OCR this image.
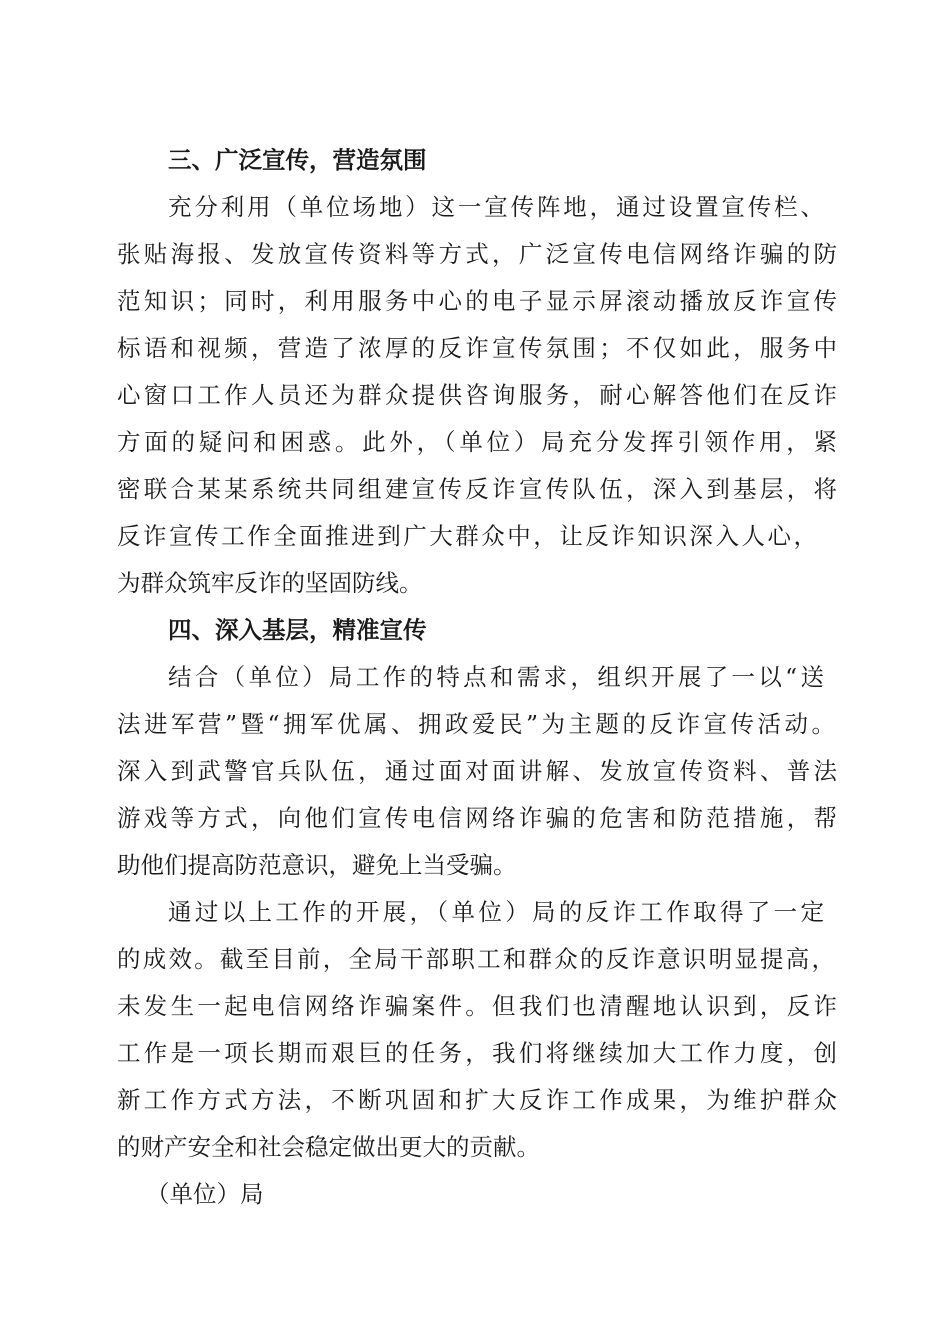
三、广泛宣传，营造氛围
充分利用（单位场地）这一宣传阵地，通过设置宣传栏、
张贴海报、发放宣传资料等方式，广泛宣传电信网络诈骗的防
范知识；同时，利用服务中心的电子显示屏滚动播放反诈宣传
标语和视频，营造了浓厚的反诈宣传氛围；不仅如此，服务中
心窗口工作人员还为群众提供咨询服务，耐心解答他们在反诈
方面的疑问和困惑。此外，（单位）局充分发挥引领作用，紧
密联合某某系统共同组建宣传反诈宣传队伍，深入到基层，将
反诈宣传工作全面推进到广大群众中，让反诈知识深入人心，
为群众筑牢反诈的坚固防线。
四、深入基层，精准宣传
结合（单位）局工作的特点和需求，组织开展了一以“送
法进军营”暨“拥军优属、拥政爱民”为主题的反诈宣传活动。
深入到武警官兵队伍，通过面对面讲解、发放宣传资料、普法
游戏等方式，向他们宣传电信网络诈骗的危害和防范措施，帮
助他们提高防范意识，避免上当受骗。
通过以上工作的开展，（单位）局的反诈工作取得了一定
的成效。截至目前，全局干部职工和群众的反诈意识明显提高，
未发生一起电信网络诈骗案件。但我们也清醒地认识到，反诈
工作是一项长期而艰巨的任务，我们将继续加大工作力度，创
新工作方式方法，不断巩固和扩大反诈工作成果，为维护群众
的财产安全和社会稳定做出更大的贡献。
（单位）局
